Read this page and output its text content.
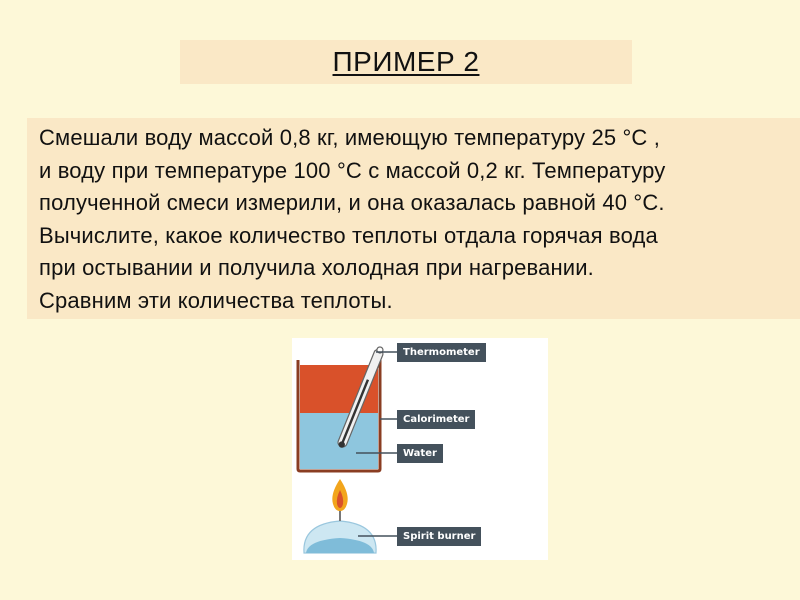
ПРИМЕР 2
Смешали воду массой 0,8 кг, имеющую температуру 25 °С ,
и воду при температуре 100 °С с массой 0,2 кг. Температуру
полученной смеси измерили, и она оказалась равной 40 °С.
Вычислите, какое количество теплоты отдала горячая вода
при остывании и получила холодная при нагревании.
Сравним эти количества теплоты.
Thermometer
Calorimeter
Water
Spirit burner
